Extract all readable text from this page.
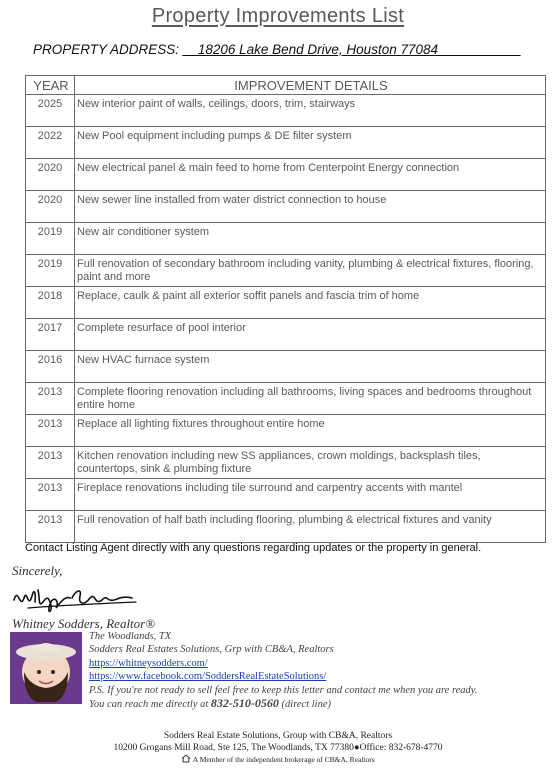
Property Improvements List
PROPERTY ADDRESS: __18206 Lake Bend Drive, Houston 77084___________
YEAR	IMPROVEMENT DETAILS
2025	New interior paint of walls, ceilings, doors, trim, stairways
2022	New Pool equipment including pumps & DE filter system
2020	New electrical panel & main feed to home from Centerpoint Energy connection
2020	New sewer line installed from water district connection to house
2019	New air conditioner system
2019	Full renovation of secondary bathroom including vanity, plumbing & electrical fixtures, flooring, paint and more
2018	Replace, caulk & paint all exterior soffit panels and fascia trim of home
2017	Complete resurface of pool interior
2016	New HVAC furnace system
2013	Complete flooring renovation including all bathrooms, living spaces and bedrooms throughout entire home
2013	Replace all lighting fixtures throughout entire home
2013	Kitchen renovation including new SS appliances, crown moldings, backsplash tiles, countertops, sink & plumbing fixture
2013	Fireplace renovations including tile surround and carpentry accents with mantel
2013	Full renovation of half bath including flooring, plumbing & electrical fixtures and vanity
Contact Listing Agent directly with any questions regarding updates or the property in general.
Sincerely,
Whitney Sodders, Realtor®
The Woodlands, TX
Sodders Real Estates Solutions, Grp with CB&A, Realtors
https://whitneysodders.com/
https://www.facebook.com/SoddersRealEstateSolutions/
P.S. If you're not ready to sell feel free to keep this letter and contact me when you are ready.
You can reach me directly at 832-510-0560 (direct line)
Sodders Real Estate Solutions, Group with CB&A, Realtors
10200 Grogans Mill Road, Ste 125, The Woodlands, TX 77380●Office: 832-678-4770
A Member of the independent brokerage of CB&A, Realtors
